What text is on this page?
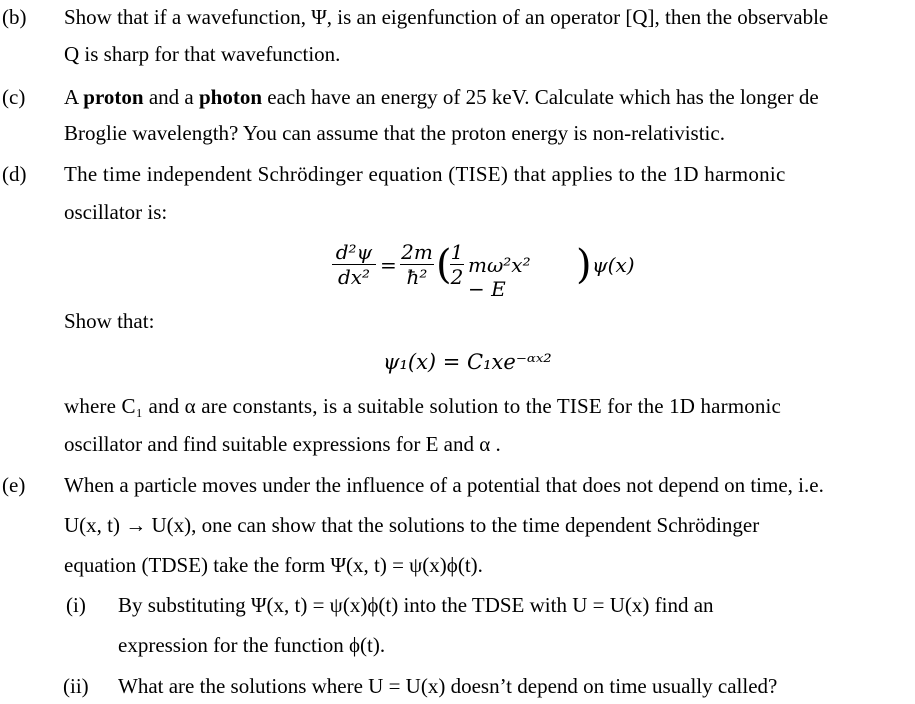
(b) Show that if a wavefunction, Ψ, is an eigenfunction of an operator [Q], then the observable
Q is sharp for that wavefunction.
(c) A proton and a photon each have an energy of 25 keV. Calculate which has the longer de
Broglie wavelength? You can assume that the proton energy is non-relativistic.
(d) The time independent Schrödinger equation (TISE) that applies to the 1D harmonic
oscillator is:
d²ψ
dx² =
2m
ħ² ( 1
2 mω²x² − E
) ψ(x)
Show that:
ψ₁(x) = C₁xe⁻ᵅˣ²
where C₁ and α are constants, is a suitable solution to the TISE for the 1D harmonic
oscillator and find suitable expressions for E and α .
(e) When a particle moves under the influence of a potential that does not depend on time, i.e.
U(x, t) → U(x), one can show that the solutions to the time dependent Schrödinger
equation (TDSE) take the form Ψ(x, t) = ψ(x)ϕ(t).
(i) By substituting Ψ(x, t) = ψ(x)ϕ(t) into the TDSE with U = U(x) find an
expression for the function ϕ(t).
(ii) What are the solutions where U = U(x) doesn’t depend on time usually called?
